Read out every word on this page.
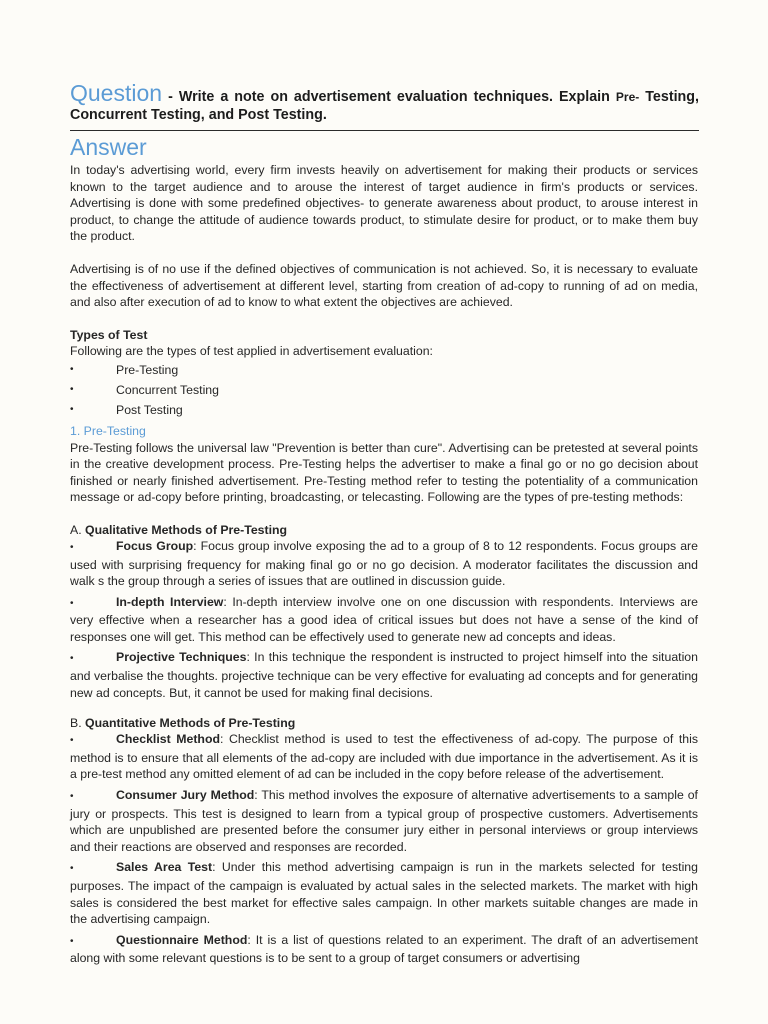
Question - Write a note on advertisement evaluation techniques. Explain Pre- Testing, Concurrent Testing, and Post Testing.
Answer

In today's advertising world, every firm invests heavily on advertisement for making their products or services known to the target audience and to arouse the interest of target audience in firm's products or services. Advertising is done with some predefined objectives- to generate awareness about product, to arouse interest in product, to change the attitude of audience towards product, to stimulate desire for product, or to make them buy the product.

Advertising is of no use if the defined objectives of communication is not achieved. So, it is necessary to evaluate the effectiveness of advertisement at different level, starting from creation of ad-copy to running of ad on media, and also after execution of ad to know to what extent the objectives are achieved.

Types of Test

Following are the types of test applied in advertisement evaluation:

•	Pre-Testing
•	Concurrent Testing
•	Post Testing
1. Pre-Testing

Pre-Testing follows the universal law "Prevention is better than cure". Advertising can be pretested at several points in the creative development process. Pre-Testing helps the advertiser to make a final go or no go decision about finished or nearly finished advertisement. Pre-Testing method refer to testing the potentiality of a communication message or ad-copy before printing, broadcasting, or telecasting. Following are the types of pre-testing methods:

A. Qualitative Methods of Pre-Testing

•	Focus Group: Focus group involve exposing the ad to a group of 8 to 12 respondents. Focus groups are used with surprising frequency for making final go or no go decision. A moderator facilitates the discussion and walk s the group through a series of issues that are outlined in discussion guide.

•	In-depth Interview: In-depth interview involve one on one discussion with respondents. Interviews are very effective when a researcher has a good idea of critical issues but does not have a sense of the kind of responses one will get. This method can be effectively used to generate new ad concepts and ideas.

•	Projective Techniques: In this technique the respondent is instructed to project himself into the situation and verbalise the thoughts. projective technique can be very effective for evaluating ad concepts and for generating new ad concepts. But, it cannot be used for making final decisions.

B. Quantitative Methods of Pre-Testing

•	Checklist Method: Checklist method is used to test the effectiveness of ad-copy. The purpose of this method is to ensure that all elements of the ad-copy are included with due importance in the advertisement. As it is a pre-test method any omitted element of ad can be included in the copy before release of the advertisement.

•	Consumer Jury Method: This method involves the exposure of alternative advertisements to a sample of jury or prospects. This test is designed to learn from a typical group of prospective customers. Advertisements which are unpublished are presented before the consumer jury either in personal interviews or group interviews and their reactions are observed and responses are recorded.

•	Sales Area Test: Under this method advertising campaign is run in the markets selected for testing purposes. The impact of the campaign is evaluated by actual sales in the selected markets. The market with high sales is considered the best market for effective sales campaign. In other markets suitable changes are made in the advertising campaign.

•	Questionnaire Method: It is a list of questions related to an experiment. The draft of an advertisement along with some relevant questions is to be sent to a group of target consumers or advertising
